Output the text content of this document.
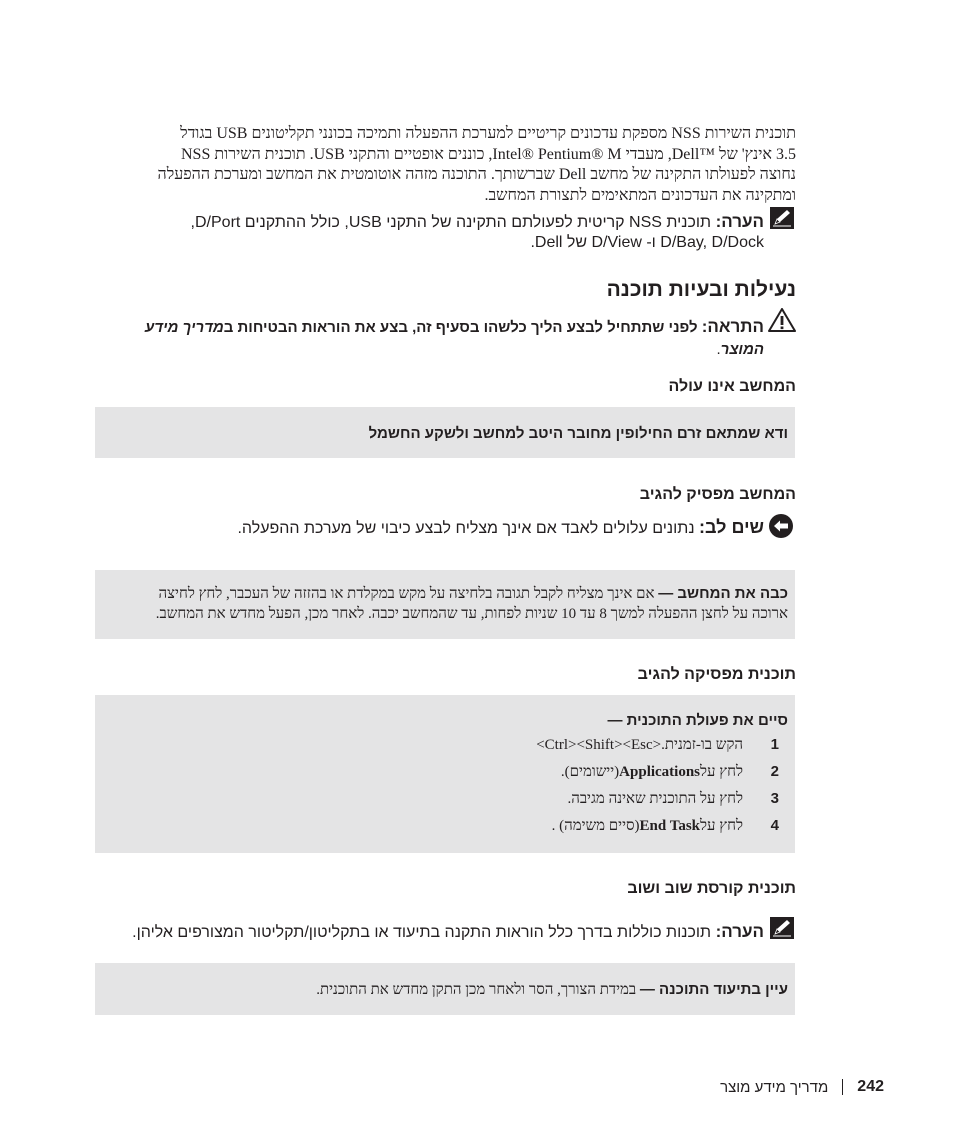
תוכנית השירות NSS מספקת עדכונים קריטיים למערכת ההפעלה ותמיכה בכונני תקליטונים USB בגודל

3.5 אינץ' של ™Dell, מעבדי Intel® Pentium® M, כוננים אופטיים והתקני USB. תוכנית השירות NSS

נחוצה לפעולתו התקינה של מחשב Dell שברשותך. התוכנה מזהה אוטומטית את המחשב ומערכת ההפעלה

ומתקינה את העדכונים המתאימים לתצורת המחשב.

הערה: תוכנית NSS קריטית לפעולתם התקינה של התקני USB, כולל ההתקנים D/Port,
D/Bay, D/Dock ו- D/View של Dell.
נעילות ובעיות תוכנה
התראה: לפני שתתחיל לבצע הליך כלשהו בסעיף זה, בצע את הוראות הבטיחות במדריך מידע
המוצר.
המחשב אינו עולה
ודא שמתאם זרם החילופין מחובר היטב למחשב ולשקע החשמל
המחשב מפסיק להגיב
שים לב: נתונים עלולים לאבד אם אינך מצליח לבצע כיבוי של מערכת ההפעלה.
כבה את המחשב — אם אינך מצליח לקבל תגובה בלחיצה על מקש במקלדת או בהזזה של העכבר, לחץ לחיצה
ארוכה על לחצן ההפעלה למשך 8 עד 10 שניות לפחות, עד שהמחשב יכבה. לאחר מכן, הפעל מחדש את המחשב.
תוכנית מפסיקה להגיב
סיים את פעולת התוכנית —
1
הקש בו-זמנית
<Ctrl><Shift><Esc>.
2
לחץ על
Applications
(יישומים).
3
לחץ על התוכנית שאינה מגיבה.
4
לחץ על
End Task
(סיים משימה) .
תוכנית קורסת שוב ושוב
הערה: תוכנות כוללות בדרך כלל הוראות התקנה בתיעוד או בתקליטון/תקליטור המצורפים אליהן.
עיין בתיעוד התוכנה — במידת הצורך, הסר ולאחר מכן התקן מחדש את התוכנית.
מדריך מידע מוצר 242
